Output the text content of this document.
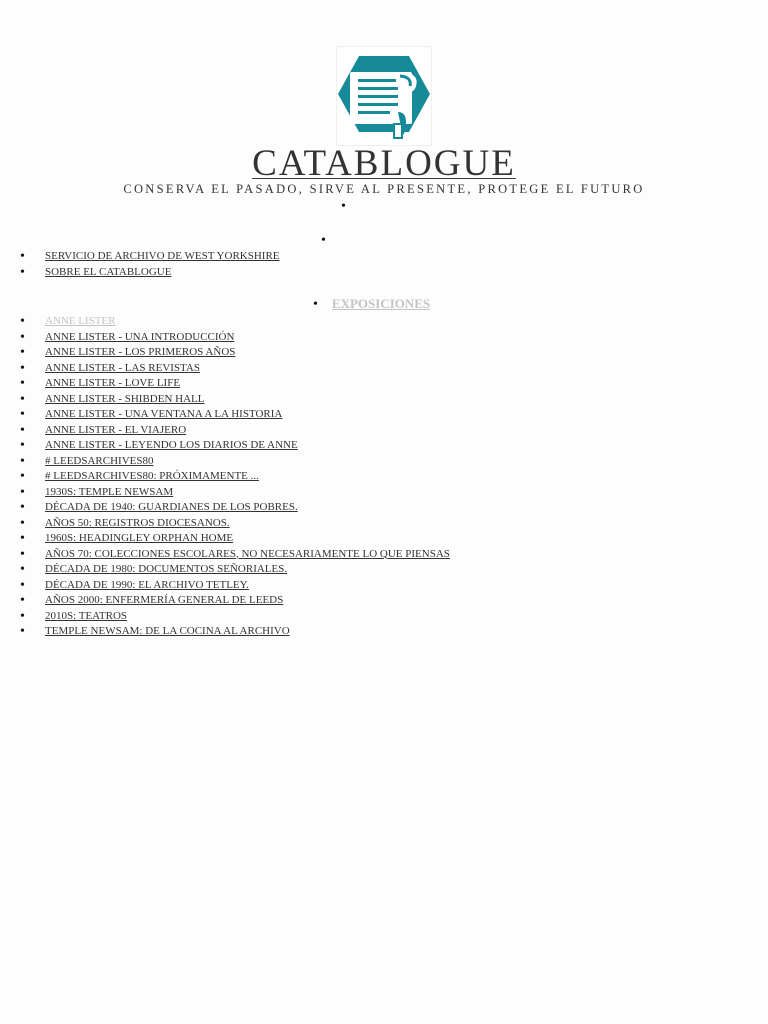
CATABLOGUE
CONSERVA EL PASADO, SIRVE AL PRESENTE, PROTEGE EL FUTURO
•
•
• SERVICIO DE ARCHIVO DE WEST YORKSHIRE
• SOBRE EL CATABLOGUE
• EXPOSICIONES
• ANNE LISTER
• ANNE LISTER - UNA INTRODUCCIÓN
• ANNE LISTER - LOS PRIMEROS AÑOS
• ANNE LISTER - LAS REVISTAS
• ANNE LISTER - LOVE LIFE
• ANNE LISTER - SHIBDEN HALL
• ANNE LISTER - UNA VENTANA A LA HISTORIA
• ANNE LISTER - EL VIAJERO
• ANNE LISTER - LEYENDO LOS DIARIOS DE ANNE
• # LEEDSARCHIVES80
• # LEEDSARCHIVES80: PRÓXIMAMENTE ...
• 1930S: TEMPLE NEWSAM
• DÉCADA DE 1940: GUARDIANES DE LOS POBRES.
• AÑOS 50: REGISTROS DIOCESANOS.
• 1960S: HEADINGLEY ORPHAN HOME
• AÑOS 70: COLECCIONES ESCOLARES, NO NECESARIAMENTE LO QUE PIENSAS
• DÉCADA DE 1980: DOCUMENTOS SEÑORIALES.
• DÉCADA DE 1990: EL ARCHIVO TETLEY.
• AÑOS 2000: ENFERMERÍA GENERAL DE LEEDS
• 2010S: TEATROS
• TEMPLE NEWSAM: DE LA COCINA AL ARCHIVO
